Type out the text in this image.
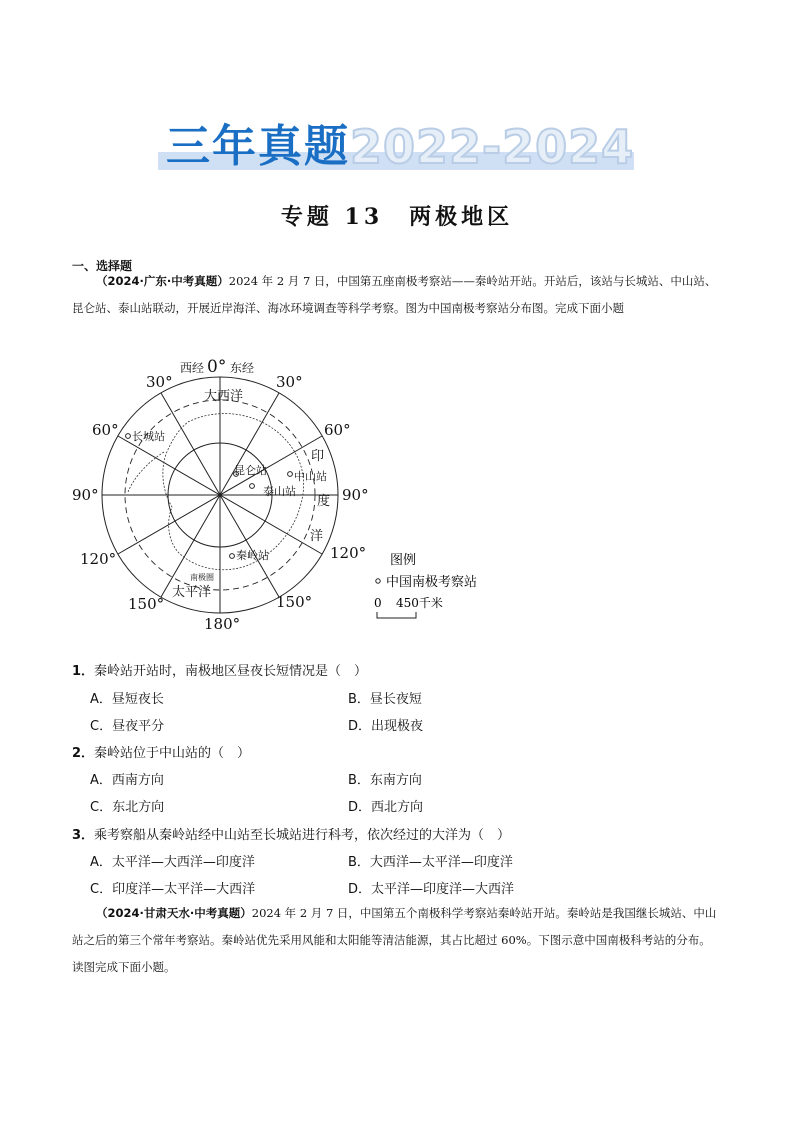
三年真题 2022-2024
专题 13　两极地区
一、选择题
（2024·广东·中考真题）2024 年 2 月 7 日，中国第五座南极考察站——秦岭站开站。开站后，该站与长城站、中山站、昆仑站、泰山站联动，开展近岸海洋、海冰环境调查等科学考察。图为中国南极考察站分布图。完成下面小题
西经 0° 东经
30°	30°
60°	60°
90°	90°
120°	120°
150°	150°
180°
大西洋
印
度
洋
太平洋
南极圈
长城站
昆仑站 中山站
泰山站
秦岭站	图例
中国南极考察站
0 450千米
1．秦岭站开站时，南极地区昼夜长短情况是（　）
A．昼短夜长	B．昼长夜短
C．昼夜平分	D．出现极夜
2．秦岭站位于中山站的（　）
A．西南方向	B．东南方向
C．东北方向	D．西北方向
3．乘考察船从秦岭站经中山站至长城站进行科考，依次经过的大洋为（　）
A．太平洋—大西洋—印度洋	B．大西洋—太平洋—印度洋
C．印度洋—太平洋—大西洋	D．太平洋—印度洋—大西洋
（2024·甘肃天水·中考真题）2024 年 2 月 7 日，中国第五个南极科学考察站秦岭站开站。秦岭站是我国继长城站、中山站之后的第三个常年考察站。秦岭站优先采用风能和太阳能等清洁能源，其占比超过 60%。下图示意中国南极科考站的分布。读图完成下面小题。
